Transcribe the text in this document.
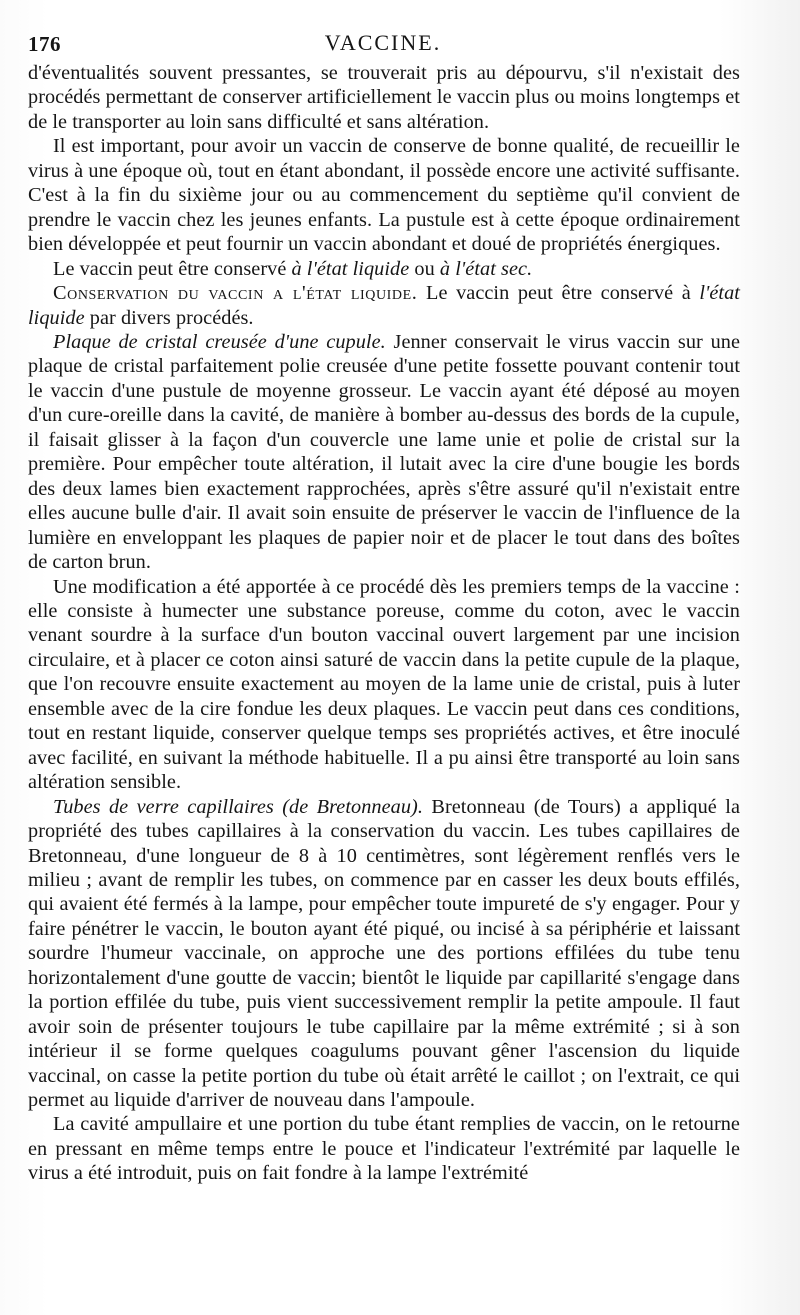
176	VACCINE.

d'éventualités souvent pressantes, se trouverait pris au dépourvu, s'il n'existait des procédés permettant de conserver artificiellement le vaccin plus ou moins longtemps et de le transporter au loin sans difficulté et sans altération.

Il est important, pour avoir un vaccin de conserve de bonne qualité, de recueillir le virus à une époque où, tout en étant abondant, il possède encore une activité suffisante. C'est à la fin du sixième jour ou au commencement du septième qu'il convient de prendre le vaccin chez les jeunes enfants. La pustule est à cette époque ordinairement bien développée et peut fournir un vaccin abondant et doué de propriétés énergiques.

Le vaccin peut être conservé à l'état liquide ou à l'état sec.

Conservation du vaccin a l'état liquide. Le vaccin peut être conservé à l'état liquide par divers procédés.

Plaque de cristal creusée d'une cupule. Jenner conservait le virus vaccin sur une plaque de cristal parfaitement polie creusée d'une petite fossette pouvant contenir tout le vaccin d'une pustule de moyenne grosseur. Le vaccin ayant été déposé au moyen d'un cure-oreille dans la cavité, de manière à bomber au-dessus des bords de la cupule, il faisait glisser à la façon d'un couvercle une lame unie et polie de cristal sur la première. Pour empêcher toute altération, il lutait avec la cire d'une bougie les bords des deux lames bien exactement rapprochées, après s'être assuré qu'il n'existait entre elles aucune bulle d'air. Il avait soin ensuite de préserver le vaccin de l'influence de la lumière en enveloppant les plaques de papier noir et de placer le tout dans des boîtes de carton brun.

Une modification a été apportée à ce procédé dès les premiers temps de la vaccine : elle consiste à humecter une substance poreuse, comme du coton, avec le vaccin venant sourdre à la surface d'un bouton vaccinal ouvert largement par une incision circulaire, et à placer ce coton ainsi saturé de vaccin dans la petite cupule de la plaque, que l'on recouvre ensuite exactement au moyen de la lame unie de cristal, puis à luter ensemble avec de la cire fondue les deux plaques. Le vaccin peut dans ces conditions, tout en restant liquide, conserver quelque temps ses propriétés actives, et être inoculé avec facilité, en suivant la méthode habituelle. Il a pu ainsi être transporté au loin sans altération sensible.

Tubes de verre capillaires (de Bretonneau). Bretonneau (de Tours) a appliqué la propriété des tubes capillaires à la conservation du vaccin. Les tubes capillaires de Bretonneau, d'une longueur de 8 à 10 centimètres, sont légèrement renflés vers le milieu ; avant de remplir les tubes, on commence par en casser les deux bouts effilés, qui avaient été fermés à la lampe, pour empêcher toute impureté de s'y engager. Pour y faire pénétrer le vaccin, le bouton ayant été piqué, ou incisé à sa périphérie et laissant sourdre l'humeur vaccinale, on approche une des portions effilées du tube tenu horizontalement d'une goutte de vaccin; bientôt le liquide par capillarité s'engage dans la portion effilée du tube, puis vient successivement remplir la petite ampoule. Il faut avoir soin de présenter toujours le tube capillaire par la même extrémité ; si à son intérieur il se forme quelques coagulums pouvant gêner l'ascension du liquide vaccinal, on casse la petite portion du tube où était arrêté le caillot ; on l'extrait, ce qui permet au liquide d'arriver de nouveau dans l'ampoule.

La cavité ampullaire et une portion du tube étant remplies de vaccin, on le retourne en pressant en même temps entre le pouce et l'indicateur l'extrémité par laquelle le virus a été introduit, puis on fait fondre à la lampe l'extrémité
